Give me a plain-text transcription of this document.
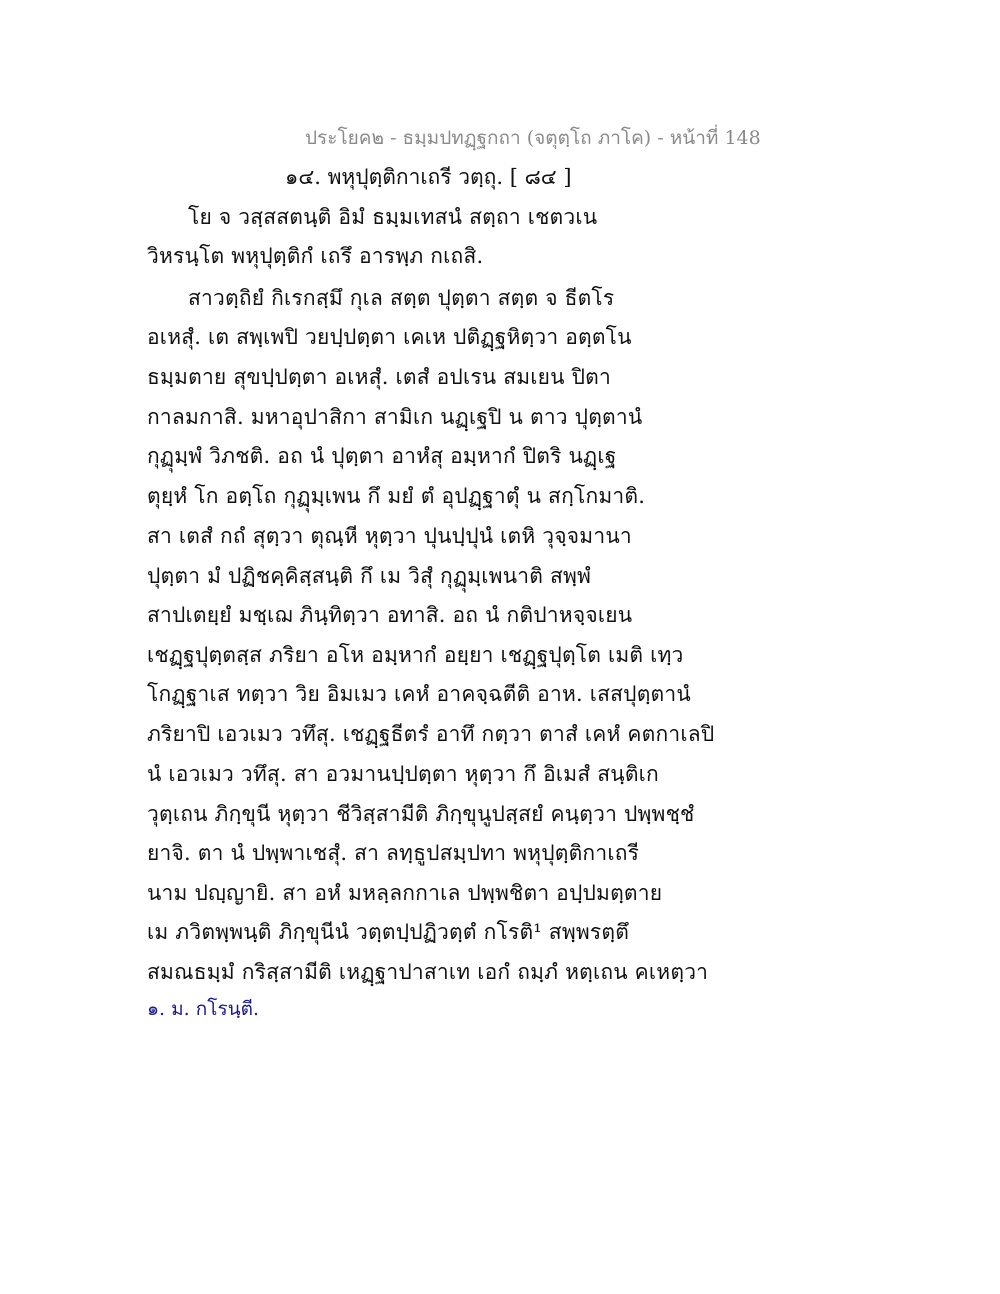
ประโยค๒ - ธมฺมปทฏฺฐกถา (จตุตฺโถ ภาโค) - หน้าที่ 148
๑๔. พหุปุตฺติกาเถรี วตฺถุ. [ ๘๔ ]
โย จ วสฺสสตนฺติ อิมํ ธมฺมเทสนํ สตฺถา เชตวเน
วิหรนฺโต พหุปุตฺติกํ เถรึ อารพฺภ กเถสิ.
สาวตฺถิยํ กิเรกสฺมึ กุเล สตฺต ปุตฺตา สตฺต จ ธีตโร
อเหสุํ. เต สพฺเพปิ วยปฺปตฺตา เคเห ปติฏฺฐหิตฺวา อตฺตโน
ธมฺมตาย สุขปฺปตฺตา อเหสุํ. เตสํ อปเรน สมเยน ปิตา
กาลมกาสิ. มหาอุปาสิกา สามิเก นฏฺเฐปิ น ตาว ปุตฺตานํ
กุฏุมฺพํ วิภชติ. อถ นํ ปุตฺตา อาหํสุ อมฺหากํ ปิตริ นฏฺเฐ
ตุยฺหํ โก อตฺโถ กุฏุมฺเพน กึ มยํ ตํ อุปฏฺฐาตุํ น สกฺโกมาติ.
สา เตสํ กถํ สุตฺวา ตุณฺหี หุตฺวา ปุนปฺปุนํ เตหิ วุจฺจมานา
ปุตฺตา มํ ปฏิชคฺคิสฺสนฺติ กึ เม วิสุํ กุฏุมฺเพนาติ สพฺพํ
สาปเตยฺยํ มชฺเฌ ภินฺทิตฺวา อทาสิ. อถ นํ กติปาหจฺจเยน
เชฏฺฐปุตฺตสฺส ภริยา อโห อมฺหากํ อยฺยา เชฏฺฐปุตฺโต เมติ เทฺว
โกฏฺฐาเส ทตฺวา วิย อิมเมว เคหํ อาคจฺฉตีติ อาห. เสสปุตฺตานํ
ภริยาปิ เอวเมว วทึสุ. เชฏฺฐธีตรํ อาทึ กตฺวา ตาสํ เคหํ คตกาเลปิ
นํ เอวเมว วทึสุ. สา อวมานปฺปตฺตา หุตฺวา กึ อิเมสํ สนฺติเก
วุตฺเถน ภิกฺขุนี หุตฺวา ชีวิสฺสามีติ ภิกฺขุนูปสฺสยํ คนฺตฺวา ปพฺพชฺชํ
ยาจิ. ตา นํ ปพฺพาเชสุํ. สา ลทฺธูปสมฺปทา พหุปุตฺติกาเถรี
นาม ปญฺญายิ. สา อหํ มหลฺลกกาเล ปพฺพชิตา อปฺปมตฺตาย
เม ภวิตพฺพนฺติ ภิกฺขุนีนํ วตฺตปฺปฏิวตฺตํ กโรติ¹ สพฺพรตฺตึ
สมณธมฺมํ กริสฺสามีติ เหฏฺฐาปาสาเท เอกํ ถมฺภํ หตฺเถน คเหตฺวา
๑. ม. กโรนฺตี.
